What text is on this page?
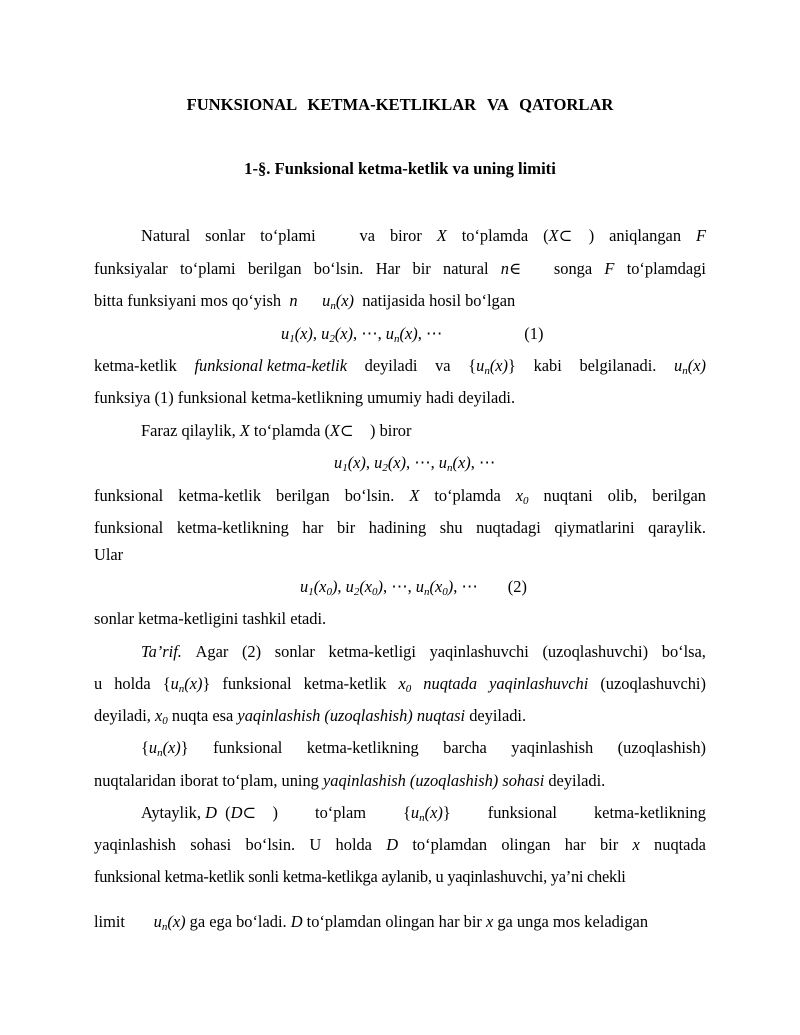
FUNKSIONAL KETMA-KETLIKLAR VA QATORLAR
1-§. Funksional ketma-ketlik va uning limiti
Natural sonlar to‘plami	va biror X to‘plamda (X⊂    ) aniqlangan F
funksiyalar to‘plami berilgan bo‘lsin. Har bir natural n∈ songa F to‘plamdagi
bitta funksiyani mos qo‘yish  n $u_n(x)$  natijasida hosil bo‘lgan
$u_1(x)$, $u_2(x)$, ⋯, $u_n(x)$, ⋯	(1)
ketma-ketlik funksional ketma-ketlik deyiladi va $\{u_n(x)\}$ kabi belgilanadi. $u_n(x)$
funksiya (1) funksional ketma-ketlikning umumiy hadi deyiladi.
Faraz qilaylik, X to‘plamda (X⊂    ) biror
$u_1(x)$, $u_2(x)$, ⋯, $u_n(x)$, ⋯
funksional ketma-ketlik berilgan bo‘lsin. X to‘plamda $x_0$ nuqtani olib, berilgan
funksional ketma-ketlikning har bir hadining shu nuqtadagi qiymatlarini qaraylik.
Ular
$u_1(x_0)$, $u_2(x_0)$, ⋯, $u_n(x_0)$, ⋯ (2)
sonlar ketma-ketligini tashkil etadi.
Ta’rif. Agar (2) sonlar ketma-ketligi yaqinlashuvchi (uzoqlashuvchi) bo‘lsa,
u holda $\{u_n(x)\}$ funksional ketma-ketlik $x_0$ nuqtada yaqinlashuvchi (uzoqlashuvchi)
deyiladi, $x_0$ nuqta esa yaqinlashish (uzoqlashish) nuqtasi deyiladi.
$\{u_n(x)\}$ funksional ketma-ketlikning barcha yaqinlashish (uzoqlashish)
nuqtalaridan iborat to‘plam, uning yaqinlashish (uzoqlashish) sohasi deyiladi.
Aytaylik, D  (D⊂    ) to‘plam $\{u_n(x)\}$ funksional ketma-ketlikning
yaqinlashish sohasi bo‘lsin. U holda D to‘plamdan olingan har bir x nuqtada
funksional ketma-ketlik sonli ketma-ketlikga aylanib, u yaqinlashuvchi, ya’ni chekli
limit       $u_n(x)$ ga ega bo‘ladi. D to‘plamdan olingan har bir x ga unga mos keladigan
